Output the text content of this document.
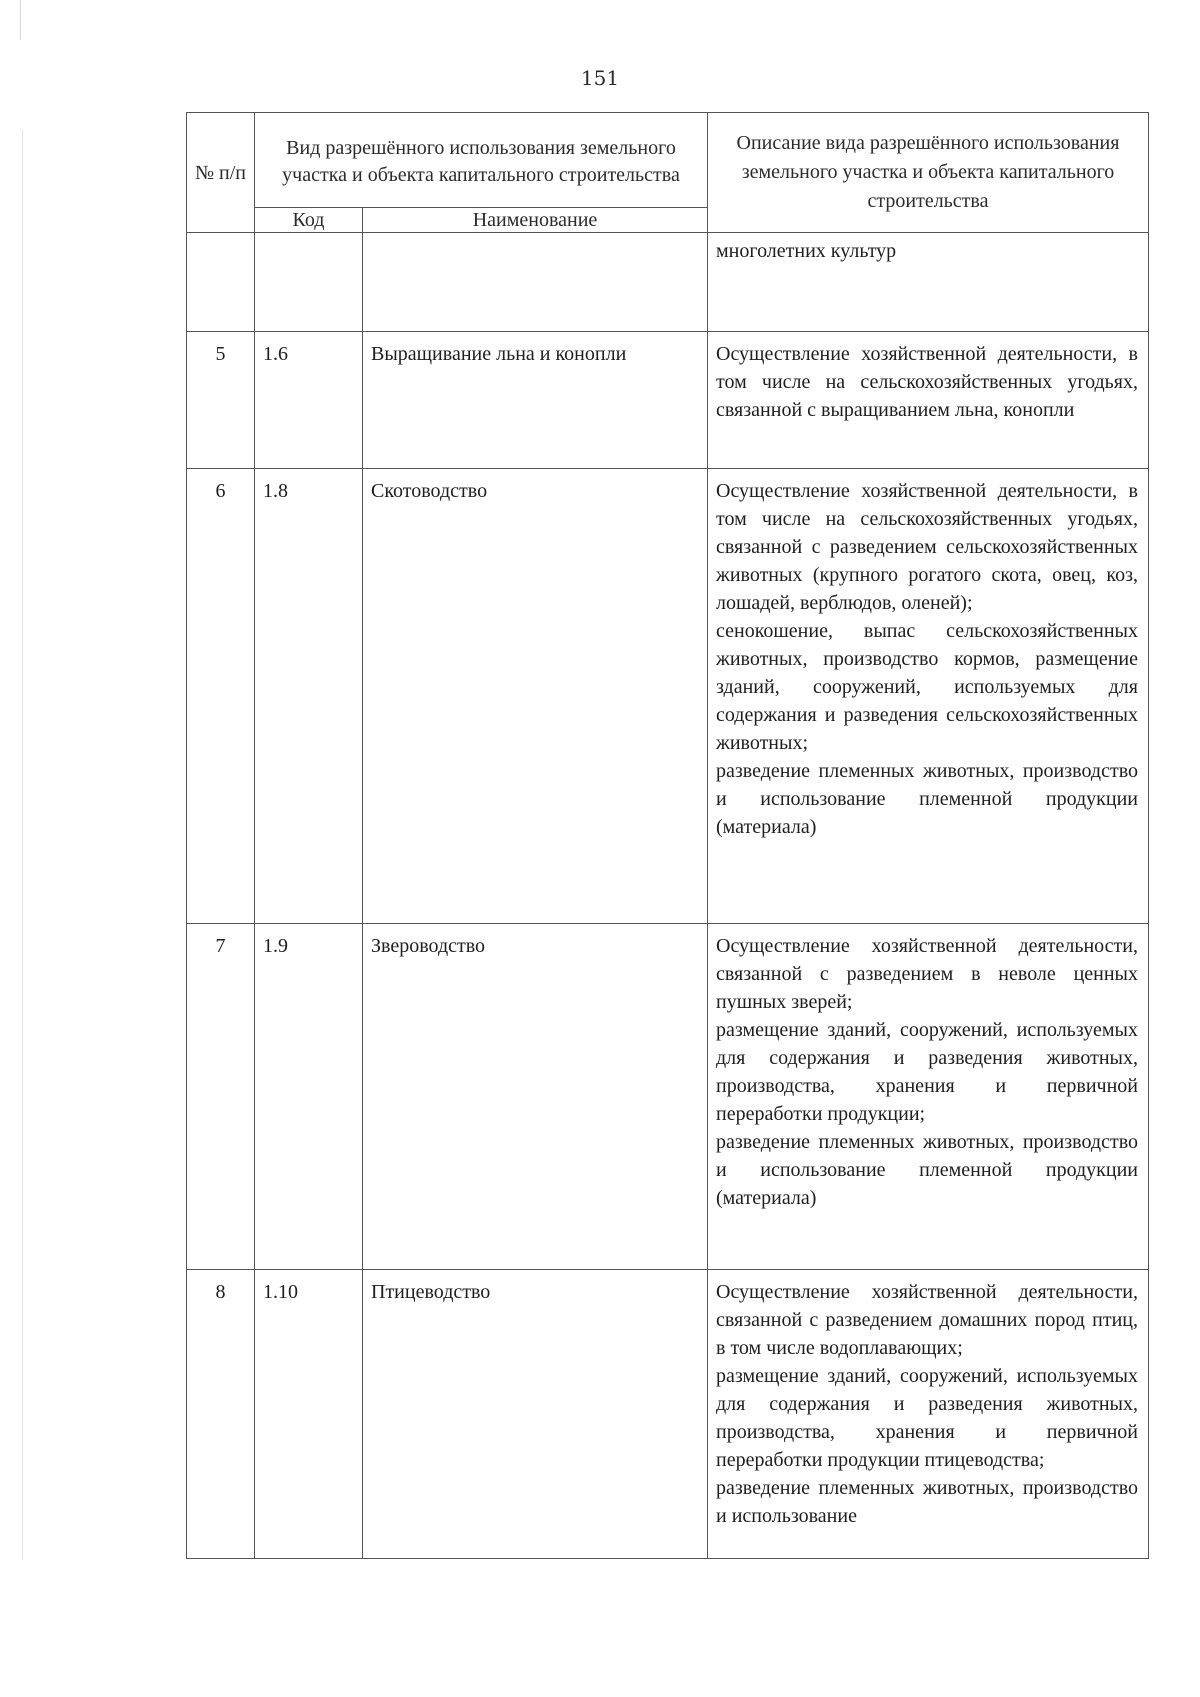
151
№ п/п	Вид разрешённого использования земельного участка и объекта капитального строительства		Описание вида разрешённого использования земельного участка и объекта капитального строительства
	Код	Наименование	

			многолетних культур

5	1.6	Выращивание льна и конопли	Осуществление хозяйственной деятельности, в том числе на сельскохозяйственных угодьях, связанной с выращиванием льна, конопли

6	1.8	Скотоводство	Осуществление хозяйственной деятельности, в том числе на сельскохозяйственных угодьях, связанной с разведением сельскохозяйственных животных (крупного рогатого скота, овец, коз, лошадей, верблюдов, оленей);
сенокошение, выпас сельскохозяйственных животных, производство кормов, размещение зданий, сооружений, используемых для содержания и разведения сельскохозяйственных животных;
разведение племенных животных, производство и использование племенной продукции (материала)

7	1.9	Звероводство	Осуществление хозяйственной деятельности, связанной с разведением в неволе ценных пушных зверей;
размещение зданий, сооружений, используемых для содержания и разведения животных, производства, хранения и первичной переработки продукции;
разведение племенных животных, производство и использование племенной продукции (материала)

8	1.10	Птицеводство	Осуществление хозяйственной деятельности, связанной с разведением домашних пород птиц, в том числе водоплавающих;
размещение зданий, сооружений, используемых для содержания и разведения животных, производства, хранения и первичной переработки продукции птицеводства;
разведение племенных животных, производство и использование
